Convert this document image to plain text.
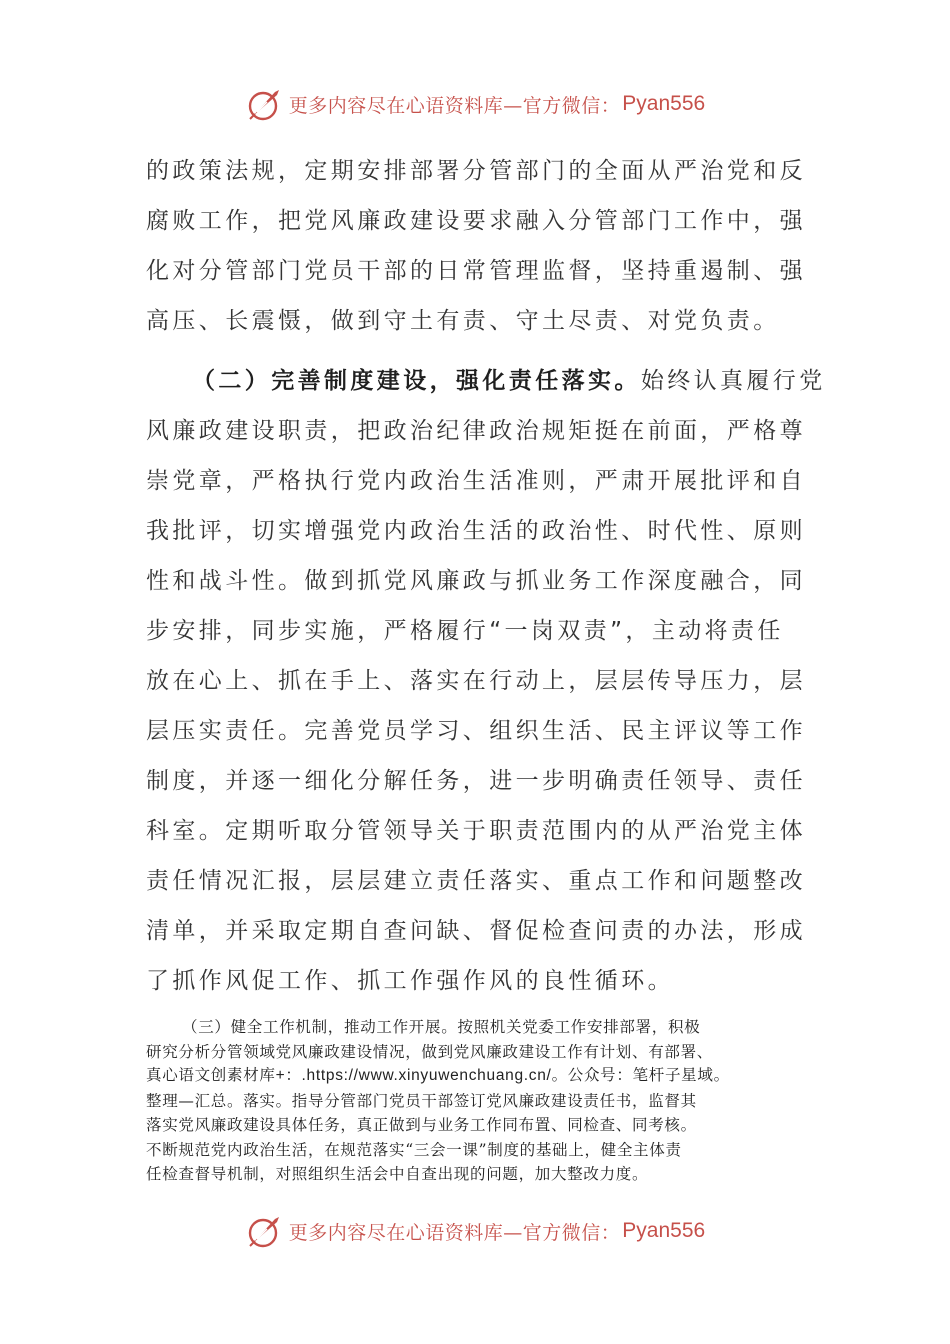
更多内容尽在心语资料库—官方微信： Pyan556
的政策法规，定期安排部署分管部门的全面从严治党和反
腐败工作，把党风廉政建设要求融入分管部门工作中，强
化对分管部门党员干部的日常管理监督，坚持重遏制、强
高压、长震慑，做到守土有责、守土尽责、对党负责。
（二）完善制度建设，强化责任落实。始终认真履行党
风廉政建设职责，把政治纪律政治规矩挺在前面，严格尊
崇党章，严格执行党内政治生活准则，严肃开展批评和自
我批评，切实增强党内政治生活的政治性、时代性、原则
性和战斗性。做到抓党风廉政与抓业务工作深度融合，同
步安排，同步实施，严格履行“一岗双责”，主动将责任
放在心上、抓在手上、落实在行动上，层层传导压力，层
层压实责任。完善党员学习、组织生活、民主评议等工作
制度，并逐一细化分解任务，进一步明确责任领导、责任
科室。定期听取分管领导关于职责范围内的从严治党主体
责任情况汇报，层层建立责任落实、重点工作和问题整改
清单，并采取定期自查问缺、督促检查问责的办法，形成
了抓作风促工作、抓工作强作风的良性循环。
（三）健全工作机制，推动工作开展。按照机关党委工作安排部署，积极
研究分析分管领域党风廉政建设情况，做到党风廉政建设工作有计划、有部署、
真心语文创素材库+：.https://www.xinyuwenchuang.cn/。公众号：笔杆子星域。
整理—汇总。落实。指导分管部门党员干部签订党风廉政建设责任书，监督其
落实党风廉政建设具体任务，真正做到与业务工作同布置、同检查、同考核。
不断规范党内政治生活，在规范落实“三会一课”制度的基础上，健全主体责
任检查督导机制，对照组织生活会中自查出现的问题，加大整改力度。
更多内容尽在心语资料库—官方微信： Pyan556
